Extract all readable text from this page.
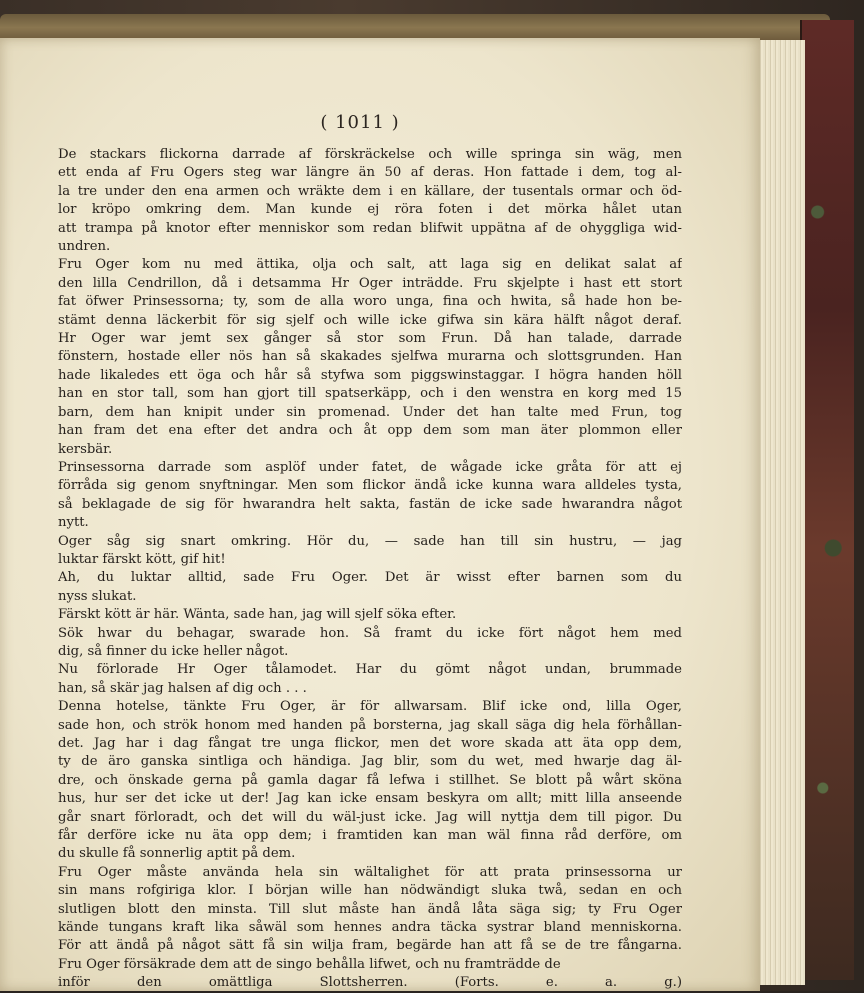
( 1011 )
De stackars flickorna darrade af förskräckelse och wille springa sin wäg, men
ett enda af Fru Ogers steg war längre än 50 af deras. Hon fattade i dem, tog al-
la tre under den ena armen och wräkte dem i en källare, der tusentals ormar och öd-
lor kröpo omkring dem. Man kunde ej röra foten i det mörka hålet utan
att trampa på knotor efter menniskor som redan blifwit uppätna af de ohyggliga wid-
undren.
Fru Oger kom nu med ättika, olja och salt, att laga sig en delikat salat af
den lilla Cendrillon, då i detsamma Hr Oger inträdde. Fru skjelpte i hast ett stort
fat öfwer Prinsessorna; ty, som de alla woro unga, fina och hwita, så hade hon be-
stämt denna läckerbit för sig sjelf och wille icke gifwa sin kära hälft något deraf.
Hr Oger war jemt sex gånger så stor som Frun. Då han talade, darrade
fönstern, hostade eller nös han så skakades sjelfwa murarna och slottsgrunden. Han
hade likaledes ett öga och hår så styfwa som piggswinstaggar. I högra handen höll
han en stor tall, som han gjort till spatserkäpp, och i den wenstra en korg med 15
barn, dem han knipit under sin promenad. Under det han talte med Frun, tog
han fram det ena efter det andra och åt opp dem som man äter plommon eller
kersbär.
Prinsessorna darrade som asplöf under fatet, de wågade icke gråta för att ej
förråda sig genom snyftningar. Men som flickor ändå icke kunna wara alldeles tysta,
så beklagade de sig för hwarandra helt sakta, fastän de icke sade hwarandra något
nytt.
Oger såg sig snart omkring. Hör du, — sade han till sin hustru, — jag
luktar färskt kött, gif hit!
Ah, du luktar alltid, sade Fru Oger. Det är wisst efter barnen som du
nyss slukat.
Färskt kött är här. Wänta, sade han, jag will sjelf söka efter.
Sök hwar du behagar, swarade hon. Så framt du icke fört något hem med
dig, så finner du icke heller något.
Nu förlorade Hr Oger tålamodet. Har du gömt något undan, brummade
han, så skär jag halsen af dig och . . .
Denna hotelse, tänkte Fru Oger, är för allwarsam. Blif icke ond, lilla Oger,
sade hon, och strök honom med handen på borsterna, jag skall säga dig hela förhållan-
det. Jag har i dag fångat tre unga flickor, men det wore skada att äta opp dem,
ty de äro ganska sintliga och händiga. Jag blir, som du wet, med hwarje dag äl-
dre, och önskade gerna på gamla dagar få lefwa i stillhet. Se blott på wårt sköna
hus, hur ser det icke ut der! Jag kan icke ensam beskyra om allt; mitt lilla anseende
går snart förloradt, och det will du wäl-just icke. Jag will nyttja dem till pigor. Du
får derföre icke nu äta opp dem; i framtiden kan man wäl finna råd derföre, om
du skulle få sonnerlig aptit på dem.
Fru Oger måste använda hela sin wältalighet för att prata prinsessorna ur
sin mans rofgiriga klor. I början wille han nödwändigt sluka twå, sedan en och
slutligen blott den minsta. Till slut måste han ändå låta säga sig; ty Fru Oger
kände tungans kraft lika såwäl som hennes andra täcka systrar bland menniskorna.
För att ändå på något sätt få sin wilja fram, begärde han att få se de tre fångarna.
Fru Oger försäkrade dem att de singo behålla lifwet, och nu framträdde de
inför den omättliga Slottsherren. (Forts. e. a. g.)
